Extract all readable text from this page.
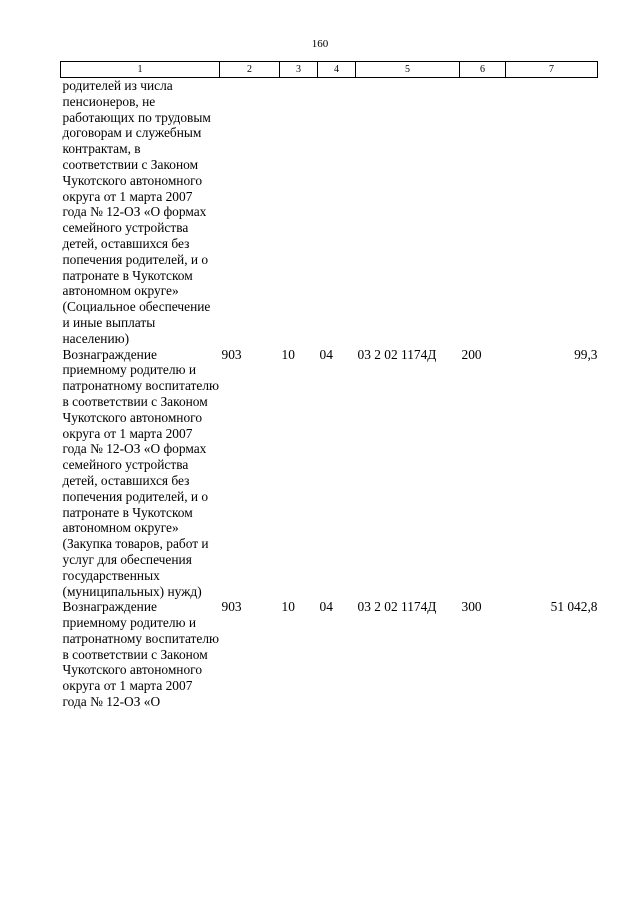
160
1	2	3	4	5	6	7
родителей из числа пенсионеров, не работающих по трудовым договорам и служебным контрактам, в соответствии с Законом Чукотского автономного округа от 1 марта 2007 года № 12-ОЗ «О формах семейного устройства детей, оставшихся без попечения родителей, и о патронате в Чукотском автономном округе» (Социальное обеспечение и иные выплаты населению)						
Вознаграждение приемному родителю и патронатному воспитателю в соответствии с Законом Чукотского автономного округа от 1 марта 2007 года № 12-ОЗ «О формах семейного устройства детей, оставшихся без попечения родителей, и о патронате в Чукотском автономном округе» (Закупка товаров, работ и услуг для обеспечения государственных (муниципальных) нужд)	903	10	04	03 2 02 1174Д	200	99,3
Вознаграждение приемному родителю и патронатному воспитателю в соответствии с Законом Чукотского автономного округа от 1 марта 2007 года № 12-ОЗ «О	903	10	04	03 2 02 1174Д	300	51 042,8
